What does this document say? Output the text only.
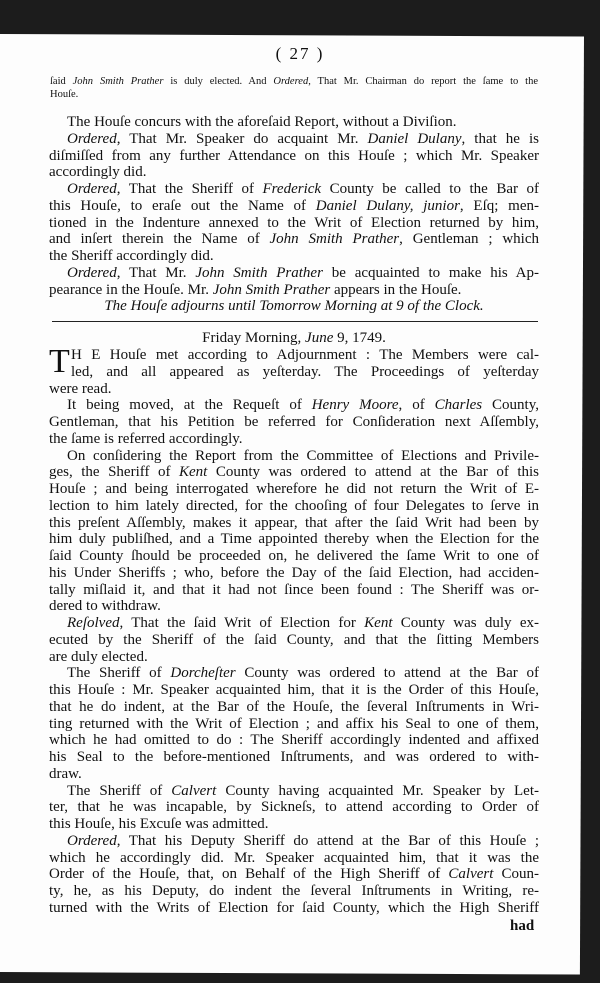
( 27 )
ſaid John Smith Prather is duly elected. And Ordered, That Mr. Chairman do report the ſame to the
Houſe.
The Houſe concurs with the aforeſaid Report, without a Diviſion.
Ordered, That Mr. Speaker do acquaint Mr. Daniel Dulany, that he is
diſmiſſed from any further Attendance on this Houſe ; which Mr. Speaker
accordingly did.
Ordered, That the Sheriff of Frederick County be called to the Bar of
this Houſe, to eraſe out the Name of Daniel Dulany, junior, Eſq; men-
tioned in the Indenture annexed to the Writ of Election returned by him,
and inſert therein the Name of John Smith Prather, Gentleman ; which
the Sheriff accordingly did.
Ordered, That Mr. John Smith Prather be acquainted to make his Ap-
pearance in the Houſe. Mr. John Smith Prather appears in the Houſe.
The Houſe adjourns until Tomorrow Morning at 9 of the Clock.
Friday Morning, June 9, 1749.
T H E Houſe met according to Adjournment : The Members were cal-
led, and all appeared as yeſterday. The Proceedings of yeſterday
were read.
It being moved, at the Requeſt of Henry Moore, of Charles County,
Gentleman, that his Petition be referred for Conſideration next Aſſembly,
the ſame is referred accordingly.
On conſidering the Report from the Committee of Elections and Privile-
ges, the Sheriff of Kent County was ordered to attend at the Bar of this
Houſe ; and being interrogated wherefore he did not return the Writ of E-
lection to him lately directed, for the chooſing of four Delegates to ſerve in
this preſent Aſſembly, makes it appear, that after the ſaid Writ had been by
him duly publiſhed, and a Time appointed thereby when the Election for the
ſaid County ſhould be proceeded on, he delivered the ſame Writ to one of
his Under Sheriffs ; who, before the Day of the ſaid Election, had acciden-
tally miſlaid it, and that it had not ſince been found : The Sheriff was or-
dered to withdraw.
Reſolved, That the ſaid Writ of Election for Kent County was duly ex-
ecuted by the Sheriff of the ſaid County, and that the ſitting Members
are duly elected.
The Sheriff of Dorcheſter County was ordered to attend at the Bar of
this Houſe : Mr. Speaker acquainted him, that it is the Order of this Houſe,
that he do indent, at the Bar of the Houſe, the ſeveral Inſtruments in Wri-
ting returned with the Writ of Election ; and affix his Seal to one of them,
which he had omitted to do : The Sheriff accordingly indented and affixed
his Seal to the before-mentioned Inſtruments, and was ordered to with-
draw.
The Sheriff of Calvert County having acquainted Mr. Speaker by Let-
ter, that he was incapable, by Sickneſs, to attend according to Order of
this Houſe, his Excuſe was admitted.
Ordered, That his Deputy Sheriff do attend at the Bar of this Houſe ;
which he accordingly did. Mr. Speaker acquainted him, that it was the
Order of the Houſe, that, on Behalf of the High Sheriff of Calvert Coun-
ty, he, as his Deputy, do indent the ſeveral Inſtruments in Writing, re-
turned with the Writs of Election for ſaid County, which the High Sheriff
had
